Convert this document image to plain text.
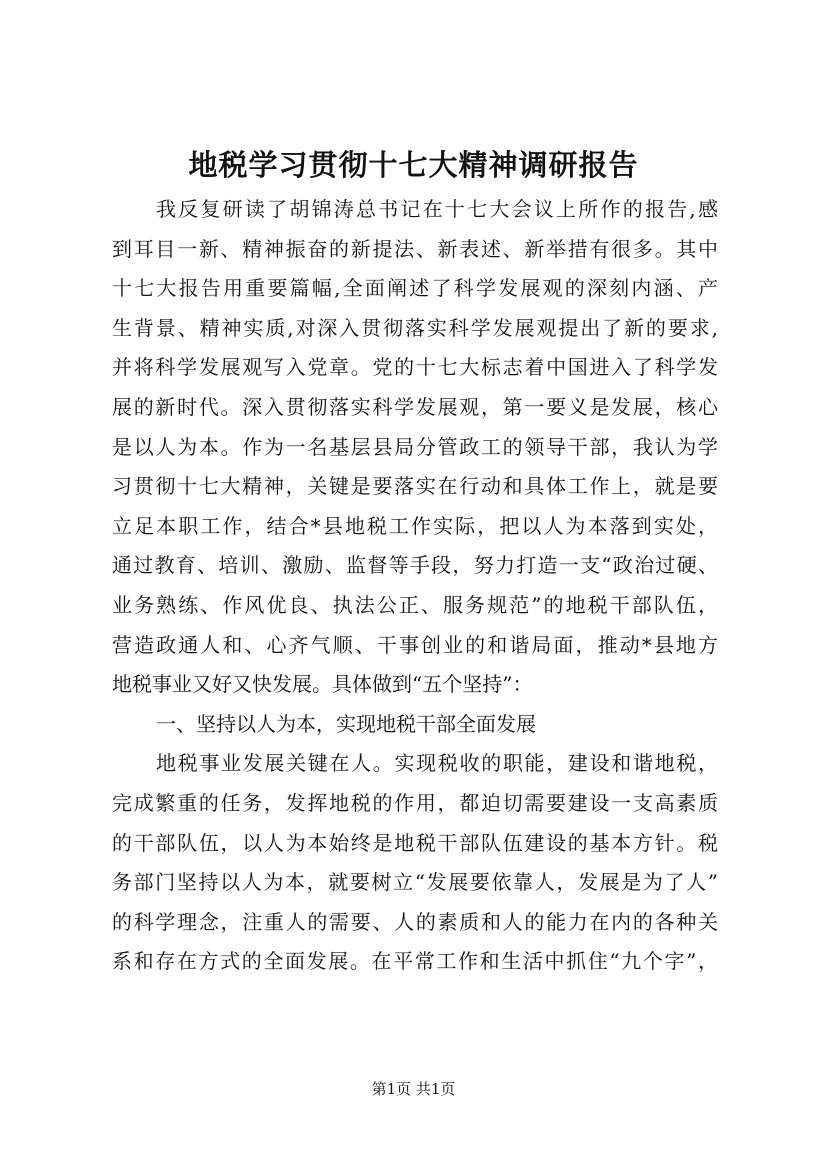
地税学习贯彻十七大精神调研报告
我反复研读了胡锦涛总书记在十七大会议上所作的报告,感
到耳目一新、精神振奋的新提法、新表述、新举措有很多。其中
十七大报告用重要篇幅,全面阐述了科学发展观的深刻内涵、产
生背景、精神实质,对深入贯彻落实科学发展观提出了新的要求,
并将科学发展观写入党章。党的十七大标志着中国进入了科学发
展的新时代。深入贯彻落实科学发展观，第一要义是发展，核心
是以人为本。作为一名基层县局分管政工的领导干部，我认为学
习贯彻十七大精神，关键是要落实在行动和具体工作上，就是要
立足本职工作，结合*县地税工作实际，把以人为本落到实处，
通过教育、培训、激励、监督等手段，努力打造一支“政治过硬、
业务熟练、作风优良、执法公正、服务规范”的地税干部队伍，
营造政通人和、心齐气顺、干事创业的和谐局面，推动*县地方
地税事业又好又快发展。具体做到“五个坚持”：
一、坚持以人为本，实现地税干部全面发展
地税事业发展关键在人。实现税收的职能，建设和谐地税，
完成繁重的任务，发挥地税的作用，都迫切需要建设一支高素质
的干部队伍，以人为本始终是地税干部队伍建设的基本方针。税
务部门坚持以人为本，就要树立“发展要依靠人，发展是为了人”
的科学理念，注重人的需要、人的素质和人的能力在内的各种关
系和存在方式的全面发展。在平常工作和生活中抓住“九个字”，
第1页 共1页
